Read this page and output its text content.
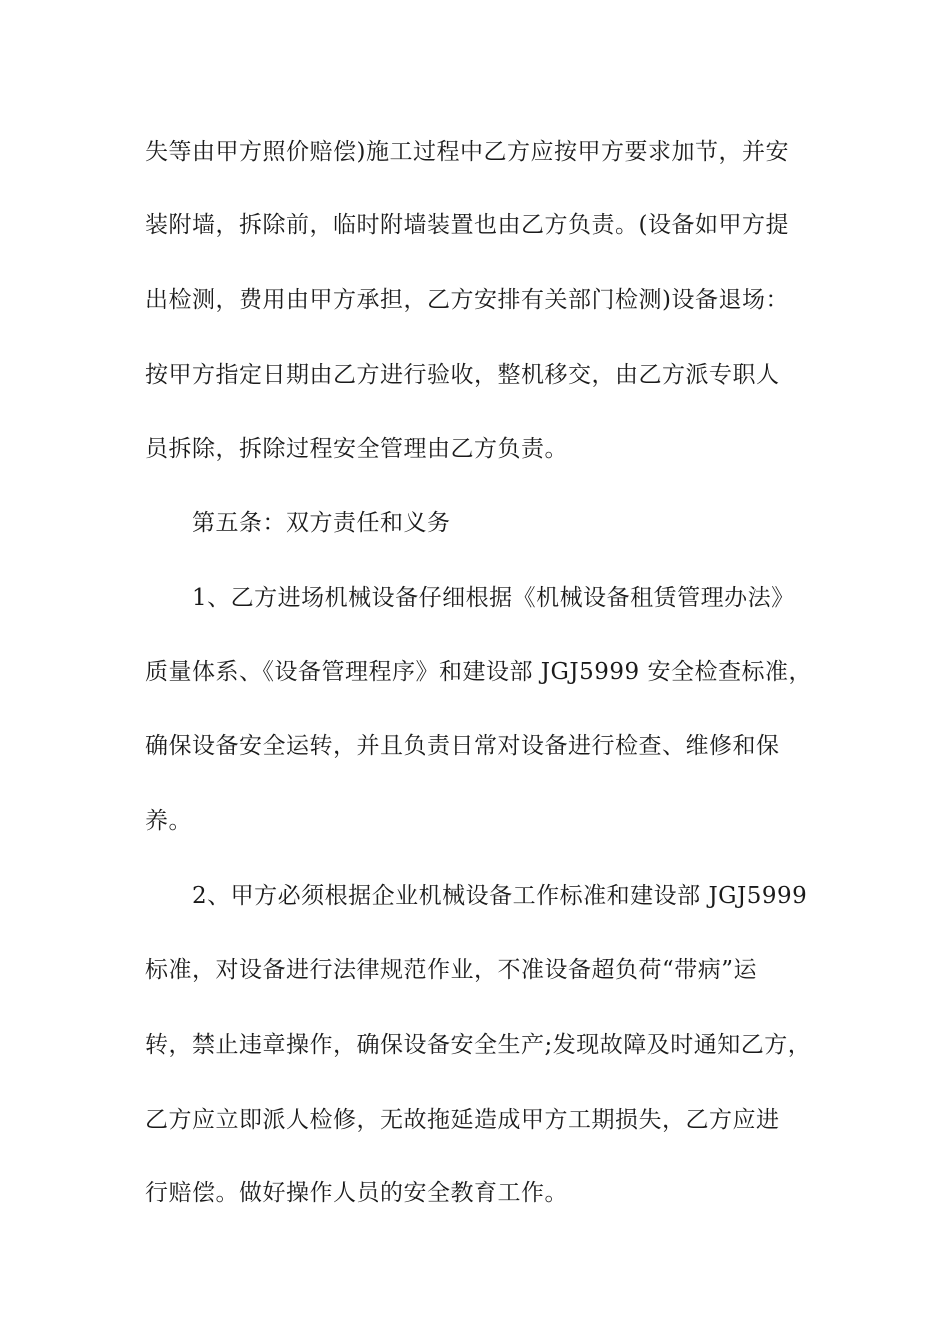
失等由甲方照价赔偿)施工过程中乙方应按甲方要求加节，并安
装附墙，拆除前，临时附墙装置也由乙方负责。(设备如甲方提
出检测，费用由甲方承担，乙方安排有关部门检测)设备退场：
按甲方指定日期由乙方进行验收，整机移交，由乙方派专职人
员拆除，拆除过程安全管理由乙方负责。
第五条：双方责任和义务
1、乙方进场机械设备仔细根据《机械设备租赁管理办法》
质量体系、《设备管理程序》和建设部 JGJ5999 安全检查标准，
确保设备安全运转，并且负责日常对设备进行检查、维修和保
养。
2、甲方必须根据企业机械设备工作标准和建设部 JGJ5999
标准，对设备进行法律规范作业，不准设备超负荷“带病”运
转，禁止违章操作，确保设备安全生产;发现故障及时通知乙方，
乙方应立即派人检修，无故拖延造成甲方工期损失，乙方应进
行赔偿。做好操作人员的安全教育工作。
